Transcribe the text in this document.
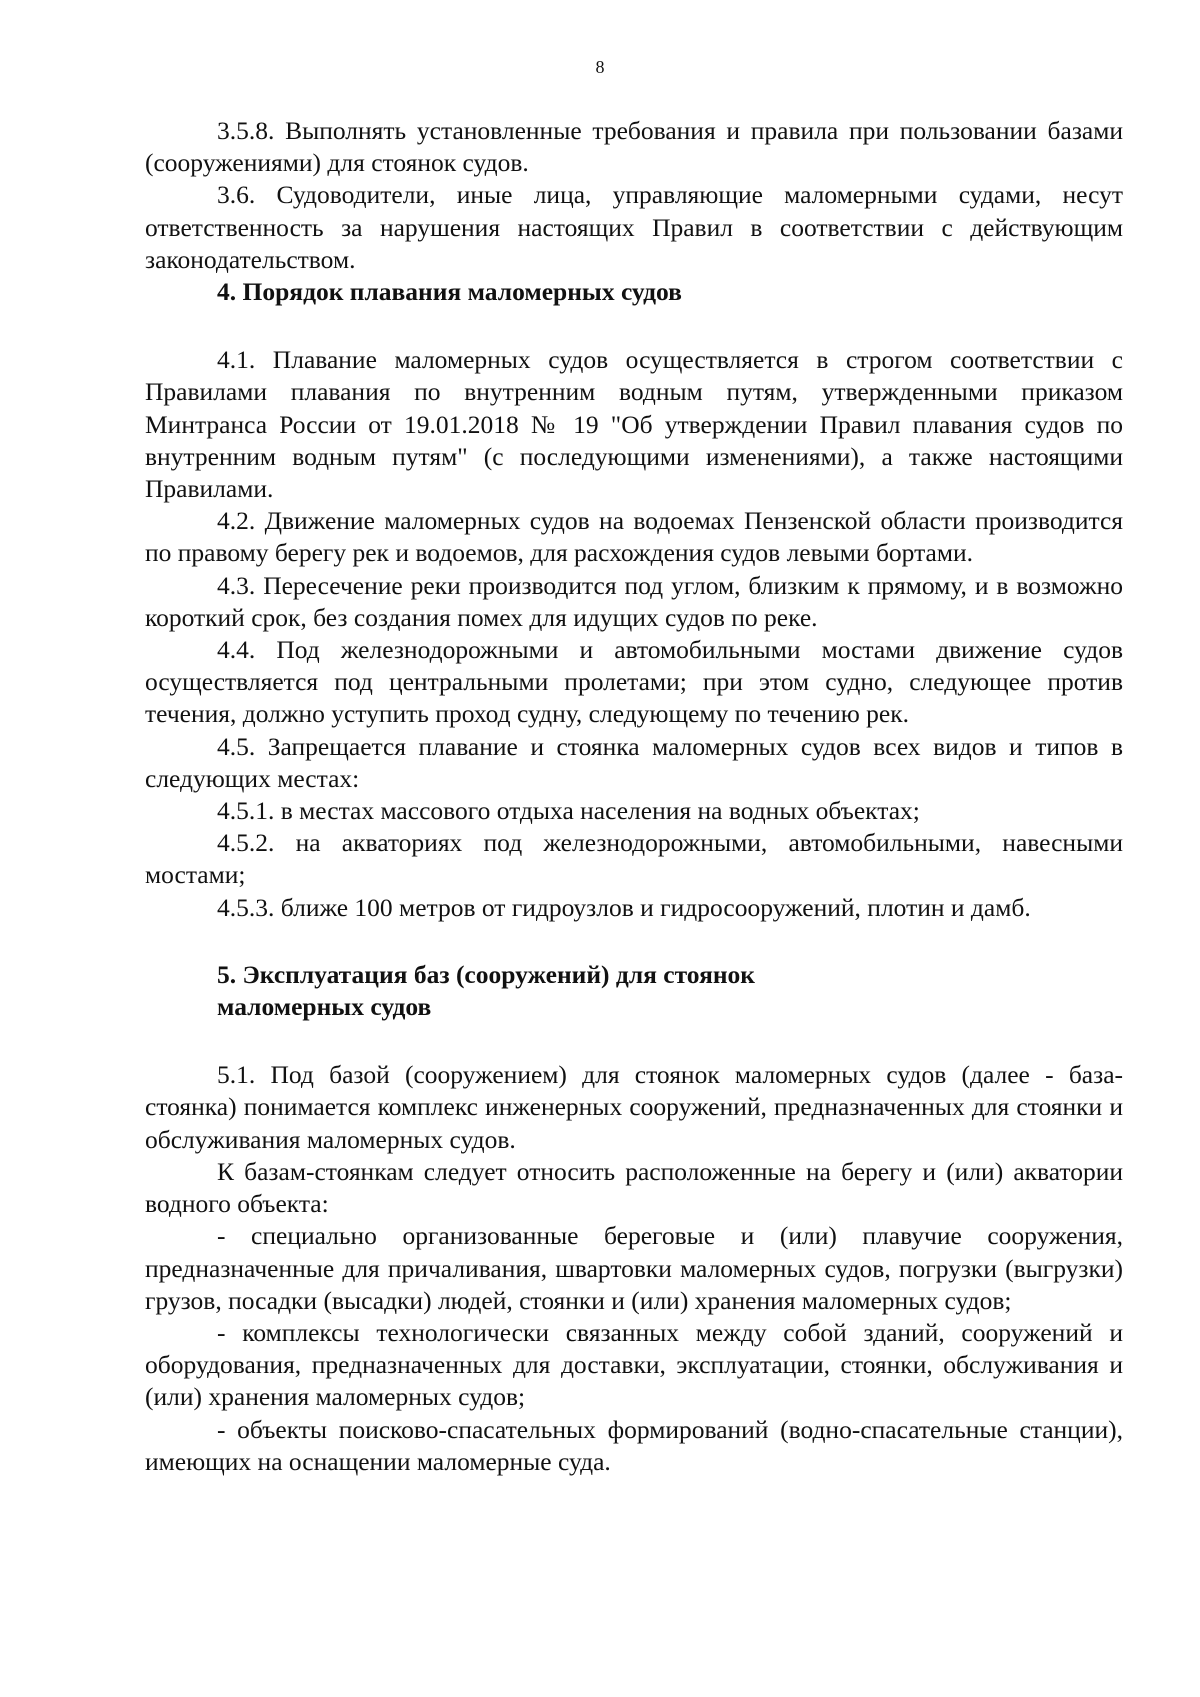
8

3.5.8. Выполнять установленные требования и правила при пользовании базами (сооружениями) для стоянок судов.

3.6. Судоводители, иные лица, управляющие маломерными судами, несут ответственность за нарушения настоящих Правил в соответствии с действующим законодательством.

4. Порядок плавания маломерных судов

4.1. Плавание маломерных судов осуществляется в строгом соответствии с Правилами плавания по внутренним водным путям, утвержденными приказом Минтранса России от 19.01.2018 № 19 "Об утверждении Правил плавания судов по внутренним водным путям" (с последующими изменениями), а также настоящими Правилами.

4.2. Движение маломерных судов на водоемах Пензенской области производится по правому берегу рек и водоемов, для расхождения судов левыми бортами.

4.3. Пересечение реки производится под углом, близким к прямому, и в возможно короткий срок, без создания помех для идущих судов по реке.

4.4. Под железнодорожными и автомобильными мостами движение судов осуществляется под центральными пролетами; при этом судно, следующее против течения, должно уступить проход судну, следующему по течению рек.

4.5. Запрещается плавание и стоянка маломерных судов всех видов и типов в следующих местах:

4.5.1. в местах массового отдыха населения на водных объектах;

4.5.2. на акваториях под железнодорожными, автомобильными, навесными мостами;

4.5.3. ближе 100 метров от гидроузлов и гидросооружений, плотин и дамб.

5. Эксплуатация баз (сооружений) для стоянок

маломерных судов

5.1. Под базой (сооружением) для стоянок маломерных судов (далее - база-стоянка) понимается комплекс инженерных сооружений, предназначенных для стоянки и обслуживания маломерных судов.

К базам-стоянкам следует относить расположенные на берегу и (или) акватории водного объекта:

- специально организованные береговые и (или) плавучие сооружения, предназначенные для причаливания, швартовки маломерных судов, погрузки (выгрузки) грузов, посадки (высадки) людей, стоянки и (или) хранения маломерных судов;

- комплексы технологически связанных между собой зданий, сооружений и оборудования, предназначенных для доставки, эксплуатации, стоянки, обслуживания и (или) хранения маломерных судов;

- объекты поисково-спасательных формирований (водно-спасательные станции), имеющих на оснащении маломерные суда.
